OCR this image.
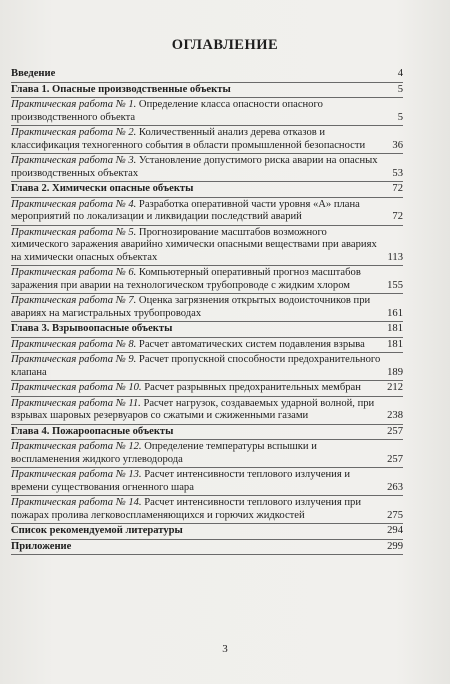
ОГЛАВЛЕНИЕ
Введение	4
Глава 1. Опасные производственные объекты	5
Практическая работа № 1. Определение класса опасности опасного производственного объекта	5
Практическая работа № 2. Количественный анализ дерева отказов и классификация техногенного события в области промышленной безопасности	36
Практическая работа № 3. Установление допустимого риска аварии на опасных производственных объектах	53
Глава 2. Химически опасные объекты	72
Практическая работа № 4. Разработка оперативной части уровня «А» плана мероприятий по локализации и ликвидации последствий аварий	72
Практическая работа № 5. Прогнозирование масштабов возможного химического заражения аварийно химически опасными веществами при авариях на химически опасных объектах	113
Практическая работа № 6. Компьютерный оперативный прогноз масштабов заражения при аварии на технологическом трубопроводе с жидким хлором	155
Практическая работа № 7. Оценка загрязнения открытых водоисточников при авариях на магистральных трубопроводах	161
Глава 3. Взрывоопасные объекты	181
Практическая работа № 8. Расчет автоматических систем подавления взрыва	181
Практическая работа № 9. Расчет пропускной способности предохранительного клапана	189
Практическая работа № 10. Расчет разрывных предохранительных мембран	212
Практическая работа № 11. Расчет нагрузок, создаваемых ударной волной, при взрывах шаровых резервуаров со сжатыми и сжиженными газами	238
Глава 4. Пожароопасные объекты	257
Практическая работа № 12. Определение температуры вспышки и воспламенения жидкого углеводорода	257
Практическая работа № 13. Расчет интенсивности теплового излучения и времени существования огненного шара	263
Практическая работа № 14. Расчет интенсивности теплового излучения при пожарах пролива легковоспламеняющихся и горючих жидкостей	275
Список рекомендуемой литературы	294
Приложение	299
3
